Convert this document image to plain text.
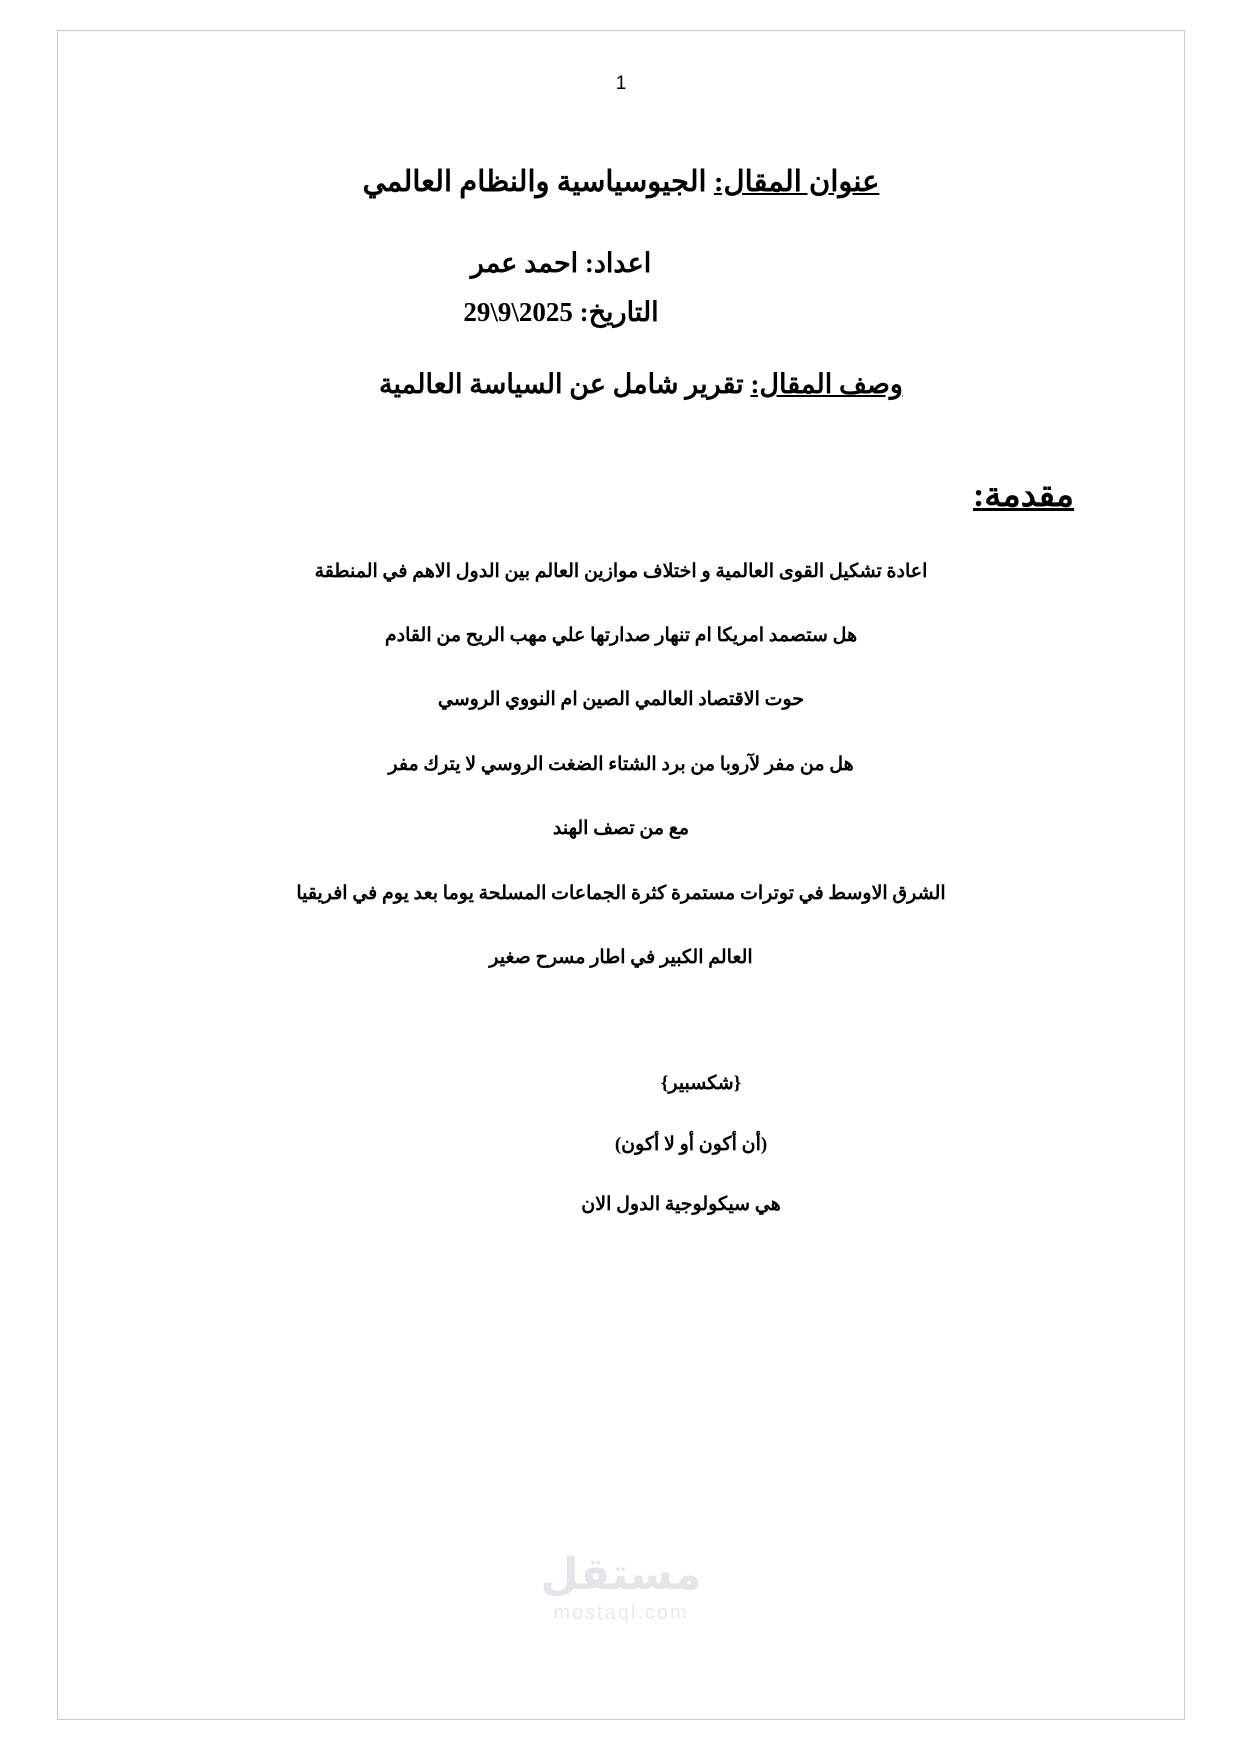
1

عنوان المقال: الجيوسياسية والنظام العالمي

اعداد: احمد عمر

التاريخ: 2025\9\29

وصف المقال: تقرير شامل عن السياسة العالمية

مقدمة:

اعادة تشكيل القوى العالمية و اختلاف موازين العالم بين الدول الاهم في المنطقة

هل ستصمد امريكا ام تنهار صدارتها علي مهب الريح من القادم

حوت الاقتصاد العالمي الصين ام النووي الروسي

هل من مفر لآروبا من برد الشتاء الضغت الروسي لا يترك مفر

مع من تصف الهند

الشرق الاوسط في توترات مستمرة كثرة الجماعات المسلحة يوما بعد يوم في افريقيا

العالم الكبير في اطار مسرح صغير

{شكسبير}

(أن أكون أو لا أكون)

هي سيكولوجية الدول الان

مستقل
mostaql.com
